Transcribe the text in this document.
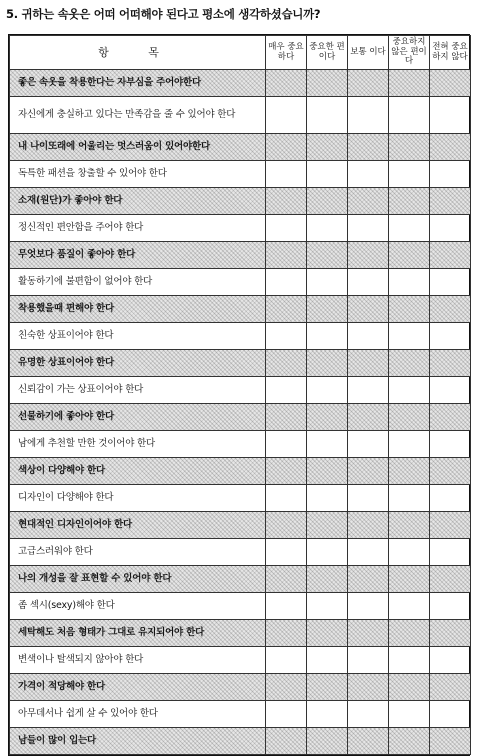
5. 귀하는 속옷은 어떠 어떠해야 된다고 평소에 생각하셨습니까?
항 목	매우 중요하다	중요한 편이다	보통 이다	중요하지 않은 편이다	전혀 중요하지 않다
좋은 속옷을 착용한다는 자부심을 주어야한다					
자신에게 충실하고 있다는 만족감을 줄 수 있어야 한다					
내 나이또래에 어울리는 멋스러움이 있어야한다					
독특한 패션을 창출할 수 있어야 한다					
소재(원단)가 좋아야 한다					
정신적인 편안함을 주어야 한다					
무엇보다 품질이 좋아야 한다					
활동하기에 불편함이 없어야 한다					
착용했을때 편해야 한다					
친숙한 상표이어야 한다					
유명한 상표이어야 한다					
신뢰감이 가는 상표이어야 한다					
선물하기에 좋아야 한다					
남에게 추천할 만한 것이어야 한다					
색상이 다양해야 한다					
디자인이 다양해야 한다					
현대적인 디자인이어야 한다					
고급스러워야 한다					
나의 개성을 잘 표현할 수 있어야 한다					
좀 섹시(sexy)해야 한다					
세탁해도 처음 형태가 그대로 유지되어야 한다					
변색이나 탈색되지 않아야 한다					
가격이 적당해야 한다					
아무데서나 쉽게 살 수 있어야 한다					
남들이 많이 입는다					
